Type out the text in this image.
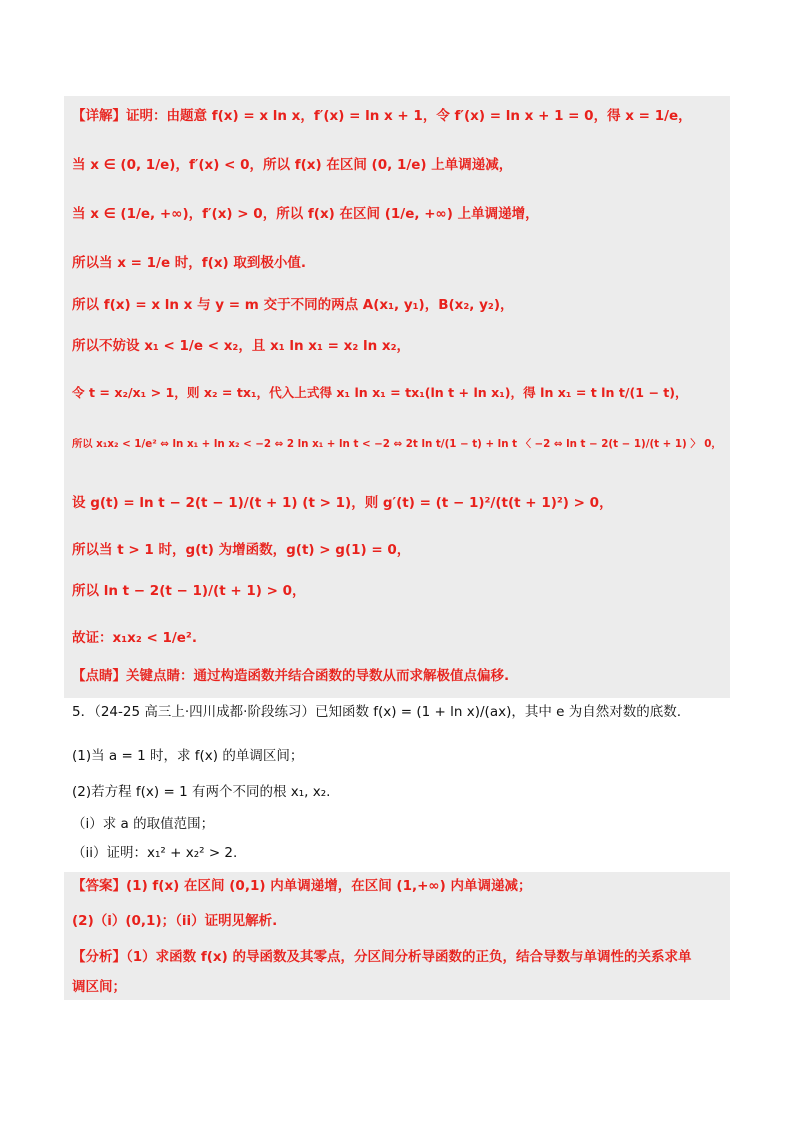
【详解】证明：由题意 f(x) = x ln x，f′(x) = ln x + 1，令 f′(x) = ln x + 1 = 0，得 x = 1/e，
当 x ∈ (0, 1/e)，f′(x) < 0，所以 f(x) 在区间 (0, 1/e) 上单调递减，
当 x ∈ (1/e, +∞)，f′(x) > 0，所以 f(x) 在区间 (1/e, +∞) 上单调递增，
所以当 x = 1/e 时，f(x) 取到极小值.
所以 f(x) = x ln x 与 y = m 交于不同的两点 A(x₁, y₁)，B(x₂, y₂)，
所以不妨设 x₁ < 1/e < x₂，且 x₁ ln x₁ = x₂ ln x₂，
令 t = x₂/x₁ > 1，则 x₂ = tx₁，代入上式得 x₁ ln x₁ = tx₁(ln t + ln x₁)，得 ln x₁ = t ln t/(1 − t)，
所以 x₁x₂ < 1/e² ⇔ ln x₁ + ln x₂ < −2 ⇔ 2 ln x₁ + ln t < −2 ⇔ 2t ln t/(1 − t) + ln t 〈 −2 ⇔ ln t − 2(t − 1)/(t + 1) 〉 0，
设 g(t) = ln t − 2(t − 1)/(t + 1) (t > 1)，则 g′(t) = (t − 1)²/(t(t + 1)²) > 0，
所以当 t > 1 时，g(t) 为增函数，g(t) > g(1) = 0，
所以 ln t − 2(t − 1)/(t + 1) > 0，
故证：x₁x₂ < 1/e².
【点睛】关键点睛：通过构造函数并结合函数的导数从而求解极值点偏移.
5．（24-25 高三上·四川成都·阶段练习）已知函数 f(x) = (1 + ln x)/(ax)，其中 e 为自然对数的底数.
(1)当 a = 1 时，求 f(x) 的单调区间；
(2)若方程 f(x) = 1 有两个不同的根 x₁, x₂.
（i）求 a 的取值范围；
（ii）证明：x₁² + x₂² > 2.
【答案】(1) f(x) 在区间 (0,1) 内单调递增，在区间 (1,+∞) 内单调递减；
(2)（i）(0,1)；（ii）证明见解析.
【分析】（1）求函数 f(x) 的导函数及其零点，分区间分析导函数的正负，结合导数与单调性的关系求单
调区间；
